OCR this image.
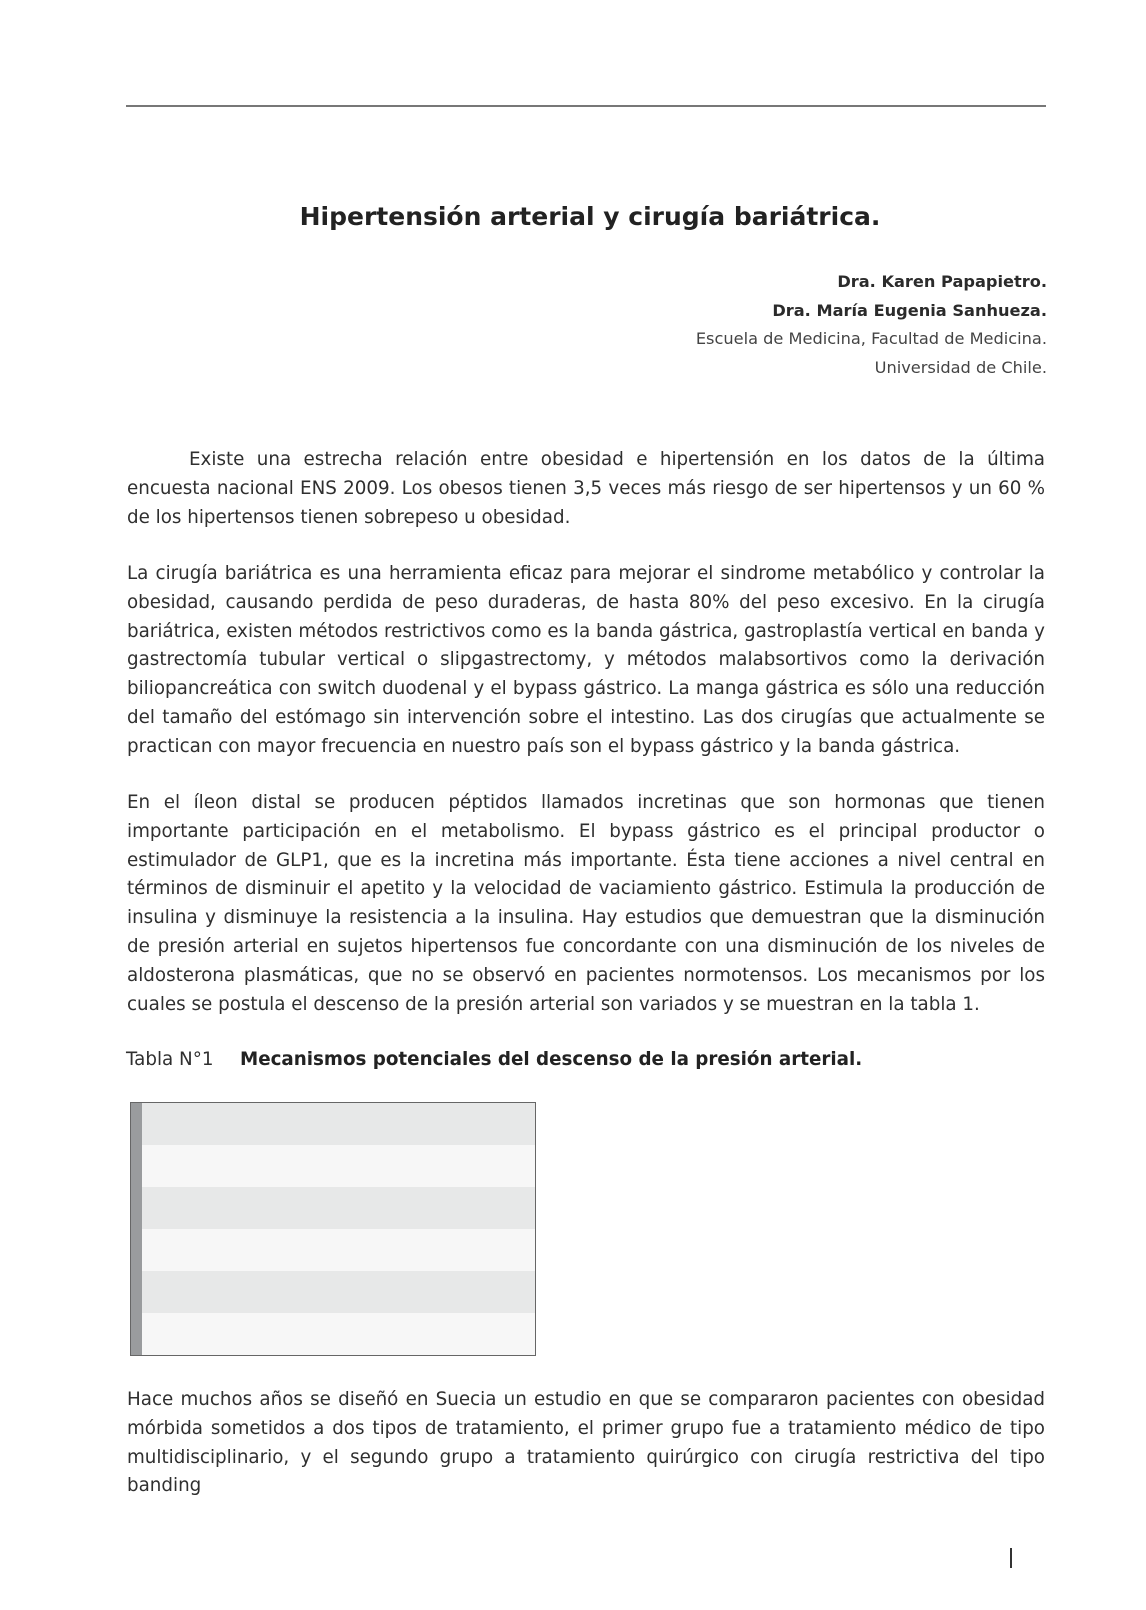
Hipertensión arterial y cirugía bariátrica.
Dra. Karen Papapietro.
Dra. María Eugenia Sanhueza.
Escuela de Medicina, Facultad de Medicina.
Universidad de Chile.

Existe una estrecha relación entre obesidad e hipertensión en los datos de la última encuesta nacional ENS 2009. Los obesos tienen 3,5 veces más riesgo de ser hipertensos y un 60 % de los hipertensos tienen sobrepeso u obesidad.

La cirugía bariátrica es una herramienta eficaz para mejorar el sindrome metabólico y controlar la obesidad, causando perdida de peso duraderas, de hasta 80% del peso excesivo. En la cirugía bariátrica, existen métodos restrictivos como es la banda gástrica, gastroplastía vertical en banda y gastrectomía tubular vertical o slipgastrectomy, y métodos malabsortivos como la derivación biliopancreática con switch duodenal y el bypass gástrico. La manga gástrica es sólo una reducción del tamaño del estómago sin intervención sobre el intestino. Las dos cirugías que actualmente se practican con mayor frecuencia en nuestro país son el bypass gástrico y la banda gástrica.

En el íleon distal se producen péptidos llamados incretinas que son hormonas que tienen importante participación en el metabolismo. El bypass gástrico es el principal productor o estimulador de GLP1, que es la incretina más importante. Ésta tiene acciones a nivel central en términos de disminuir el apetito y la velocidad de vaciamiento gástrico. Estimula la producción de insulina y disminuye la resistencia a la insulina. Hay estudios que demuestran que la disminución de presión arterial en sujetos hipertensos fue concordante con una disminución de los niveles de aldosterona plasmáticas, que no se observó en pacientes normotensos. Los mecanismos por los cuales se postula el descenso de la presión arterial son variados y se muestran en la tabla 1.

Tabla N°1 Mecanismos potenciales del descenso de la presión arterial.

Hace muchos años se diseñó en Suecia un estudio en que se compararon pacientes con obesidad mórbida sometidos a dos tipos de tratamiento, el primer grupo fue a tratamiento médico de tipo multidisciplinario, y el segundo grupo a tratamiento quirúrgico con cirugía restrictiva del tipo banding
